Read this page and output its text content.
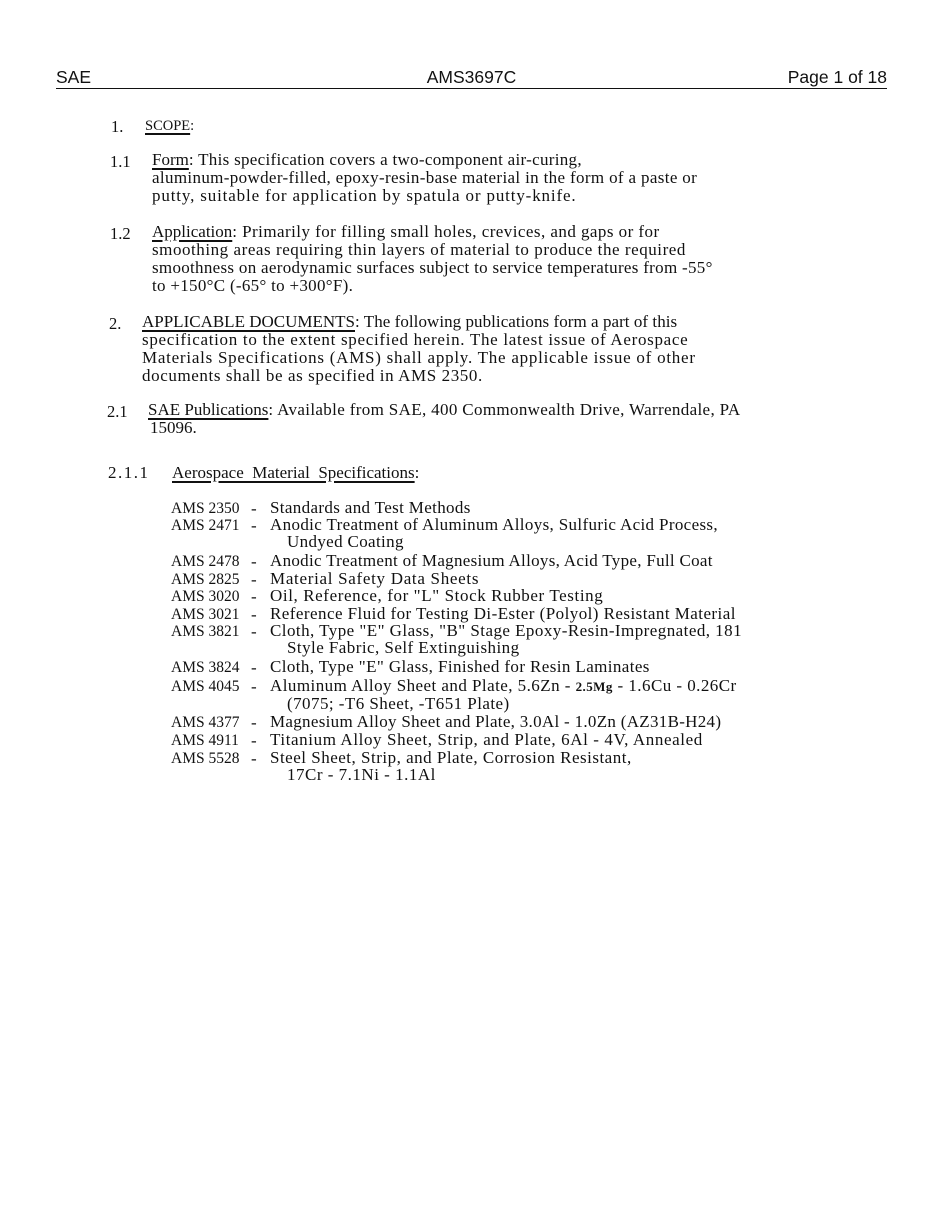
SAE	AMS3697C	Page 1 of 18
1. SCOPE:
1.1 Form: This specification covers a two-component air-curing,
aluminum-powder-filled, epoxy-resin-base material in the form of a paste or
putty, suitable for application by spatula or putty-knife.
1.2 Application: Primarily for filling small holes, crevices, and gaps or for
smoothing areas requiring thin layers of material to produce the required
smoothness on aerodynamic surfaces subject to service temperatures from -55°
to +150°C (-65° to +300°F).
2. APPLICABLE DOCUMENTS: The following publications form a part of this
specification to the extent specified herein. The latest issue of Aerospace
Materials Specifications (AMS) shall apply. The applicable issue of other
documents shall be as specified in AMS 2350.
2.1 SAE Publications: Available from SAE, 400 Commonwealth Drive, Warrendale, PA
15096.
2.1.1 Aerospace  Material  Specifications:
AMS 2350 - Standards and Test Methods
AMS 2471 - Anodic Treatment of Aluminum Alloys, Sulfuric Acid Process,
Undyed Coating
AMS 2478 - Anodic Treatment of Magnesium Alloys, Acid Type, Full Coat
AMS 2825 - Material Safety Data Sheets
AMS 3020 - Oil, Reference, for "L" Stock Rubber Testing
AMS 3021 - Reference Fluid for Testing Di-Ester (Polyol) Resistant Material
AMS 3821 - Cloth, Type "E" Glass, "B" Stage Epoxy-Resin-Impregnated, 181
Style Fabric, Self Extinguishing
AMS 3824 - Cloth, Type "E" Glass, Finished for Resin Laminates
AMS 4045 - Aluminum Alloy Sheet and Plate, 5.6Zn - 2.5Mg - 1.6Cu - 0.26Cr
(7075; -T6 Sheet, -T651 Plate)
AMS 4377 - Magnesium Alloy Sheet and Plate, 3.0Al - 1.0Zn (AZ31B-H24)
AMS 4911 - Titanium Alloy Sheet, Strip, and Plate, 6Al - 4V, Annealed
AMS 5528 - Steel Sheet, Strip, and Plate, Corrosion Resistant,
17Cr - 7.1Ni - 1.1Al
